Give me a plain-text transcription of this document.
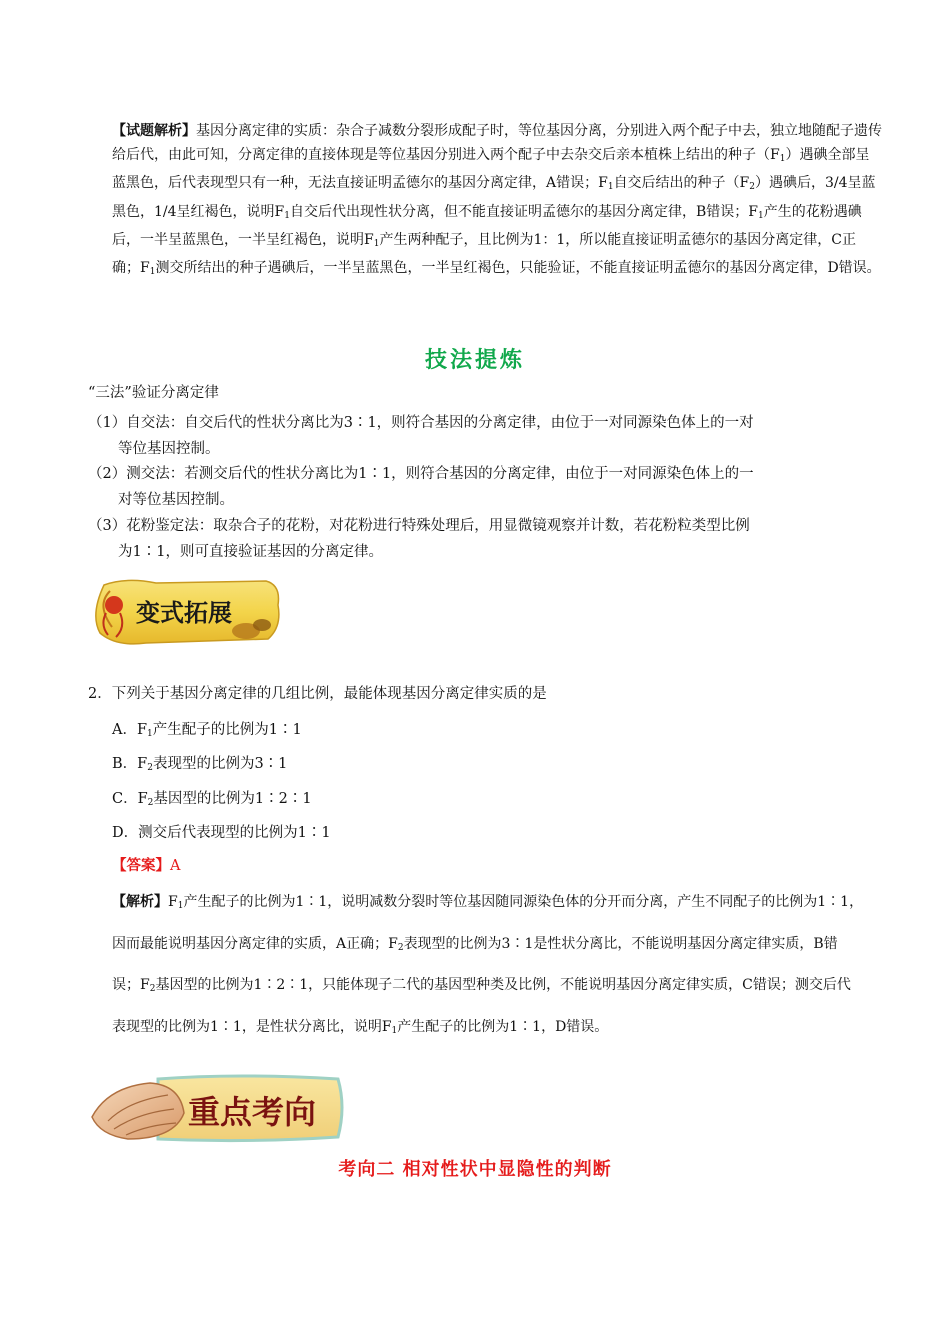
【试题解析】基因分离定律的实质：杂合子减数分裂形成配子时，等位基因分离，分别进入两个配子中去，独立地随配子遗传给后代，由此可知，分离定律的直接体现是等位基因分别进入两个配子中去杂交后亲本植株上结出的种子$(F_1)$遇碘全部呈蓝黑色，后代表现型只有一种，无法直接证明孟德尔的基因分离定律，A错误；$F_1$自交后结出的种子$(F_2)$遇碘后，3/4呈蓝黑色，1/4呈红褐色，说明$F_1$自交后代出现性状分离，但不能直接证明孟德尔的基因分离定律，B错误；$F_1$产生的花粉遇碘后，一半呈蓝黑色，一半呈红褐色，说明$F_1$产生两种配子，且比例为1：1，所以能直接证明孟德尔的基因分离定律，C正确；$F_1$测交所结出的种子遇碘后，一半呈蓝黑色，一半呈红褐色，只能验证，不能直接证明孟德尔的基因分离定律，D错误。
技法提炼
“三法”验证分离定律
（1）自交法：自交后代的性状分离比为3∶1，则符合基因的分离定律，由位于一对同源染色体上的一对
等位基因控制。
（2）测交法：若测交后代的性状分离比为1∶1，则符合基因的分离定律，由位于一对同源染色体上的一
对等位基因控制。
（3）花粉鉴定法：取杂合子的花粉，对花粉进行特殊处理后，用显微镜观察并计数，若花粉粒类型比例
为1∶1，则可直接验证基因的分离定律。
变式拓展
2．下列关于基因分离定律的几组比例，最能体现基因分离定律实质的是
A．$F_1$产生配子的比例为1∶1
B．$F_2$表现型的比例为3∶1
C．$F_2$基因型的比例为1∶2∶1
D．测交后代表现型的比例为1∶1
【答案】A
【解析】$F_1$产生配子的比例为1∶1，说明减数分裂时等位基因随同源染色体的分开而分离，产生不同配子的比例为1∶1，因而最能说明基因分离定律的实质，A正确；$F_2$表现型的比例为3∶1是性状分离比，不能说明基因分离定律实质，B错误；$F_2$基因型的比例为1∶2∶1，只能体现子二代的基因型种类及比例，不能说明基因分离定律实质，C错误；测交后代表现型的比例为1∶1，是性状分离比，说明$F_1$产生配子的比例为1∶1，D错误。
重点考向
考向二 相对性状中显隐性的判断
